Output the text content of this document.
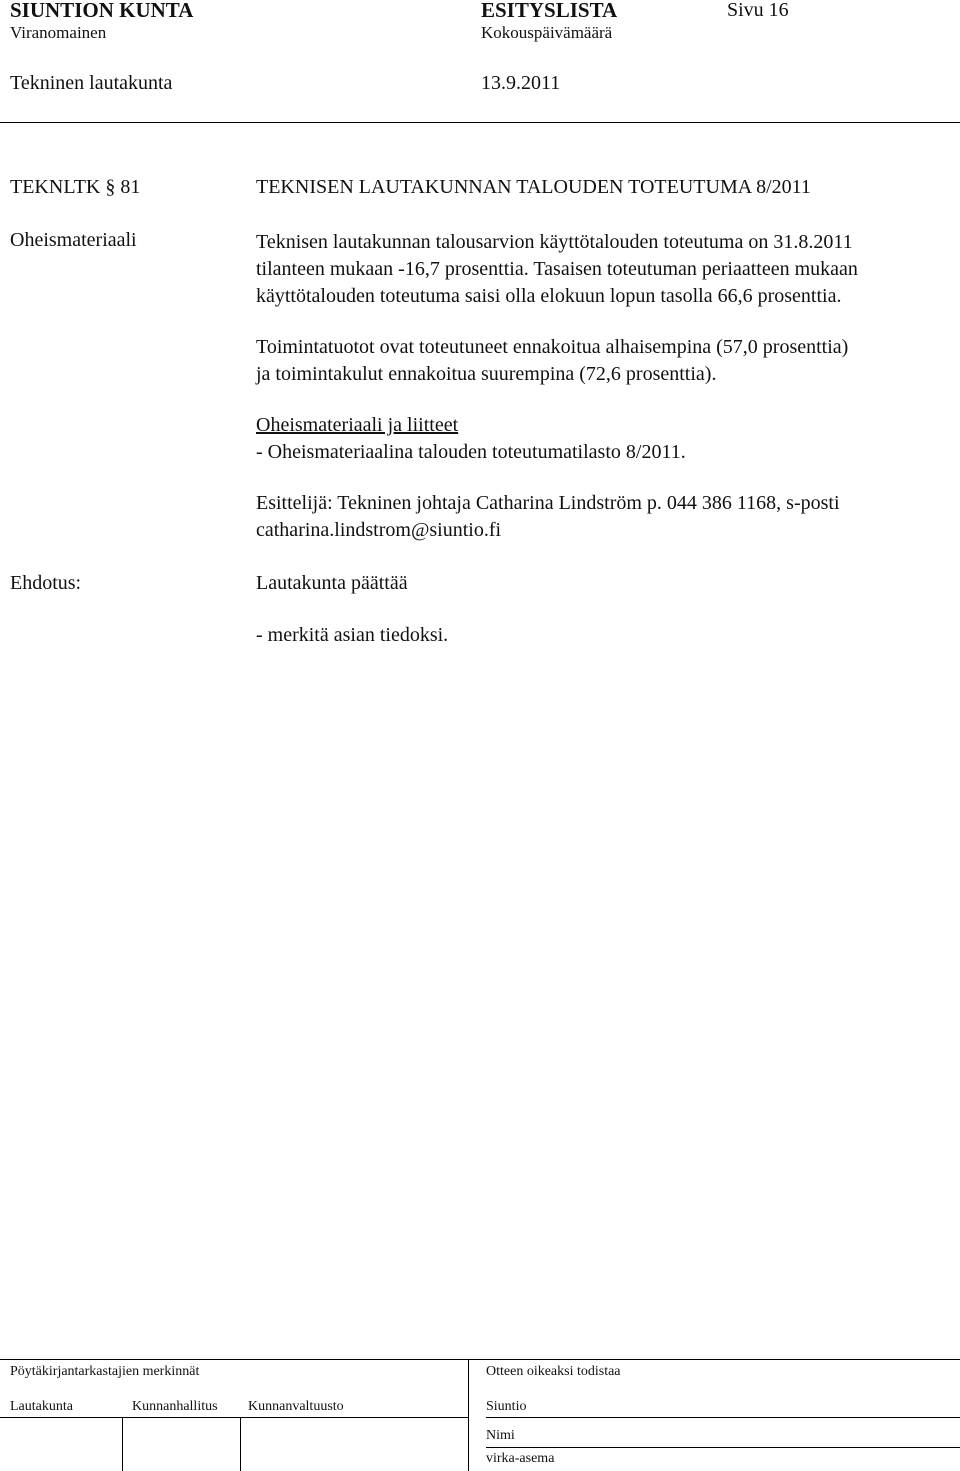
SIUNTION KUNTA	ESITYSLISTA	Sivu 16
Viranomainen	Kokouspäivämäärä
Tekninen lautakunta	13.9.2011
TEKNLTK § 81	TEKNISEN LAUTAKUNNAN TALOUDEN TOTEUTUMA 8/2011
Oheismateriaali	Teknisen lautakunnan talousarvion käyttötalouden toteutuma on 31.8.2011
tilanteen mukaan -16,7 prosenttia. Tasaisen toteutuman periaatteen mukaan
käyttötalouden toteutuma saisi olla elokuun lopun tasolla 66,6 prosenttia.
Toimintatuotot ovat toteutuneet ennakoitua alhaisempina (57,0 prosenttia)
ja toimintakulut ennakoitua suurempina (72,6 prosenttia).
Oheismateriaali ja liitteet
- Oheismateriaalina talouden toteutumatilasto 8/2011.
Esittelijä: Tekninen johtaja Catharina Lindström p. 044 386 1168, s-posti
catharina.lindstrom@siuntio.fi
Ehdotus:	Lautakunta päättää
- merkitä asian tiedoksi.
Pöytäkirjantarkastajien merkinnät	Otteen oikeaksi todistaa
Lautakunta	Kunnanhallitus Kunnanvaltuusto	Siuntio
Nimi
virka-asema
